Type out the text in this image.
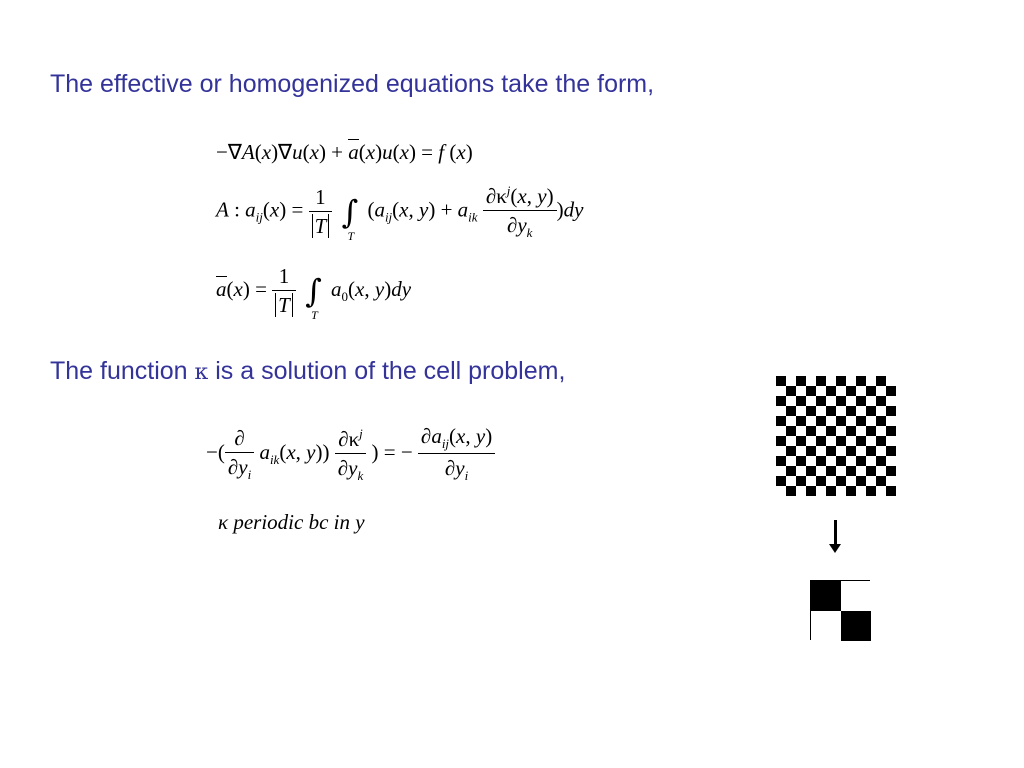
The effective or homogenized equations take the form,
−∇A(x)∇u(x) + a(x)u(x) = f (x)
A : $a_{ij}(x) = \frac{1}{T}$ ∫
T
($a_{ij}(x$, $y) + a_{ik} \frac{\partial\kappa^j(x, y)}{\partial y_k} )dy$
$a(x) = \frac{1}{T}$ ∫
T
$a_0(x$, y)dy
The function κ is a solution of the cell problem,
−( $\frac{\partial}{\partial y_i} a_{ik}(x$, $y)) \frac{\partial\kappa^j}{\partial y_k}$ ) = − $\frac{\partial a_{ij}(x, y)}{\partial y_i}$
κ periodic bc in y
